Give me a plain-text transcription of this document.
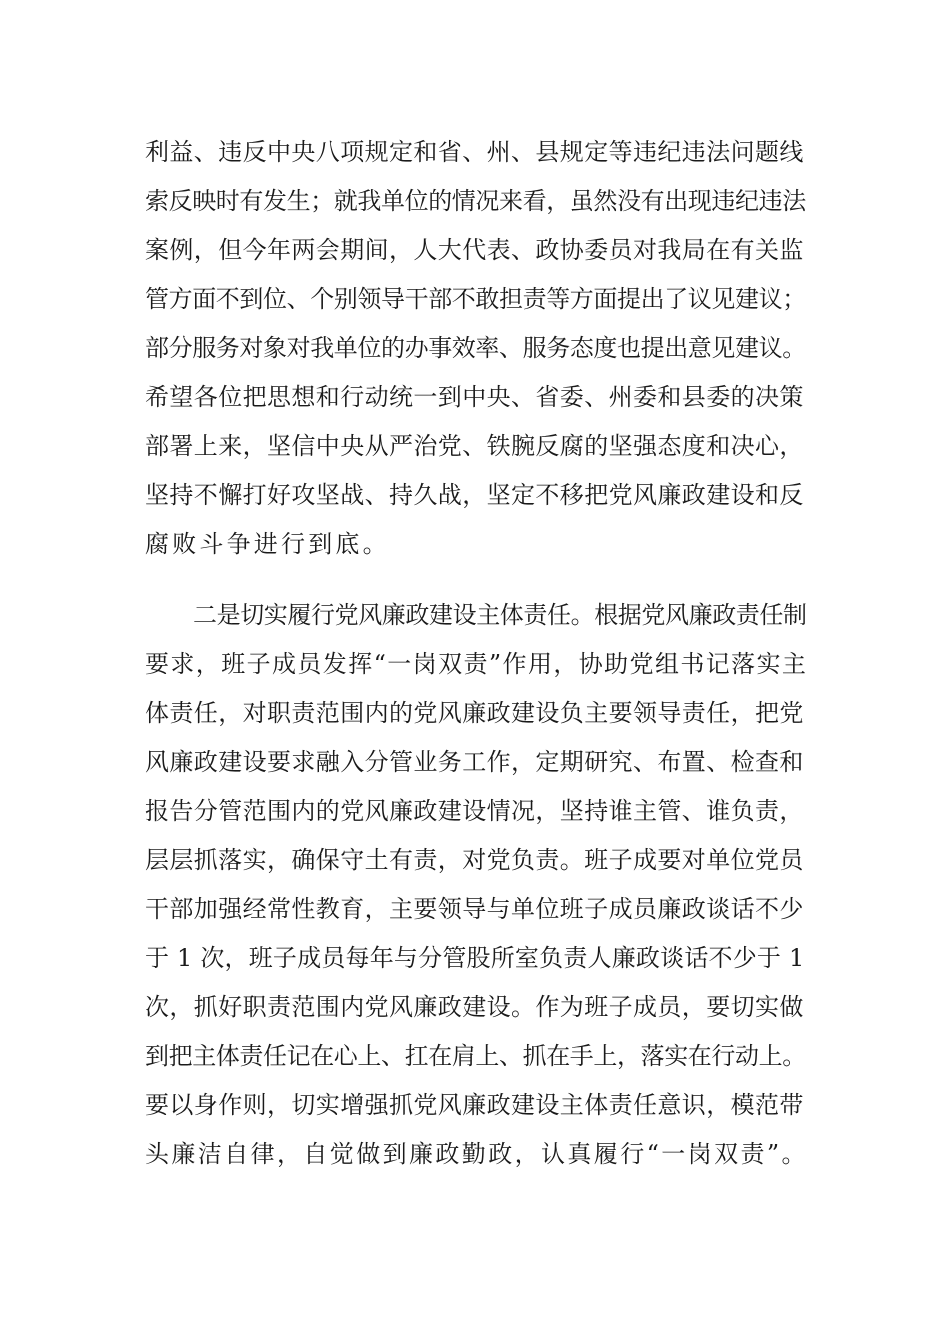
利益、违反中央八项规定和省、州、县规定等违纪违法问题线
索反映时有发生；就我单位的情况来看，虽然没有出现违纪违法
案例，但今年两会期间，人大代表、政协委员对我局在有关监
管方面不到位、个别领导干部不敢担责等方面提出了议见建议；
部分服务对象对我单位的办事效率、服务态度也提出意见建议。
希望各位把思想和行动统一到中央、省委、州委和县委的决策
部署上来，坚信中央从严治党、铁腕反腐的坚强态度和决心，
坚持不懈打好攻坚战、持久战，坚定不移把党风廉政建设和反
腐败斗争进行到底。
二是切实履行党风廉政建设主体责任。根据党风廉政责任制
要求，班子成员发挥“一岗双责”作用，协助党组书记落实主
体责任，对职责范围内的党风廉政建设负主要领导责任，把党
风廉政建设要求融入分管业务工作，定期研究、布置、检查和
报告分管范围内的党风廉政建设情况，坚持谁主管、谁负责，
层层抓落实，确保守土有责，对党负责。班子成要对单位党员
干部加强经常性教育，主要领导与单位班子成员廉政谈话不少
于 1 次，班子成员每年与分管股所室负责人廉政谈话不少于 1
次，抓好职责范围内党风廉政建设。作为班子成员，要切实做
到把主体责任记在心上、扛在肩上、抓在手上，落实在行动上。
要以身作则，切实增强抓党风廉政建设主体责任意识，模范带
头廉洁自律，自觉做到廉政勤政，认真履行“一岗双责”。
